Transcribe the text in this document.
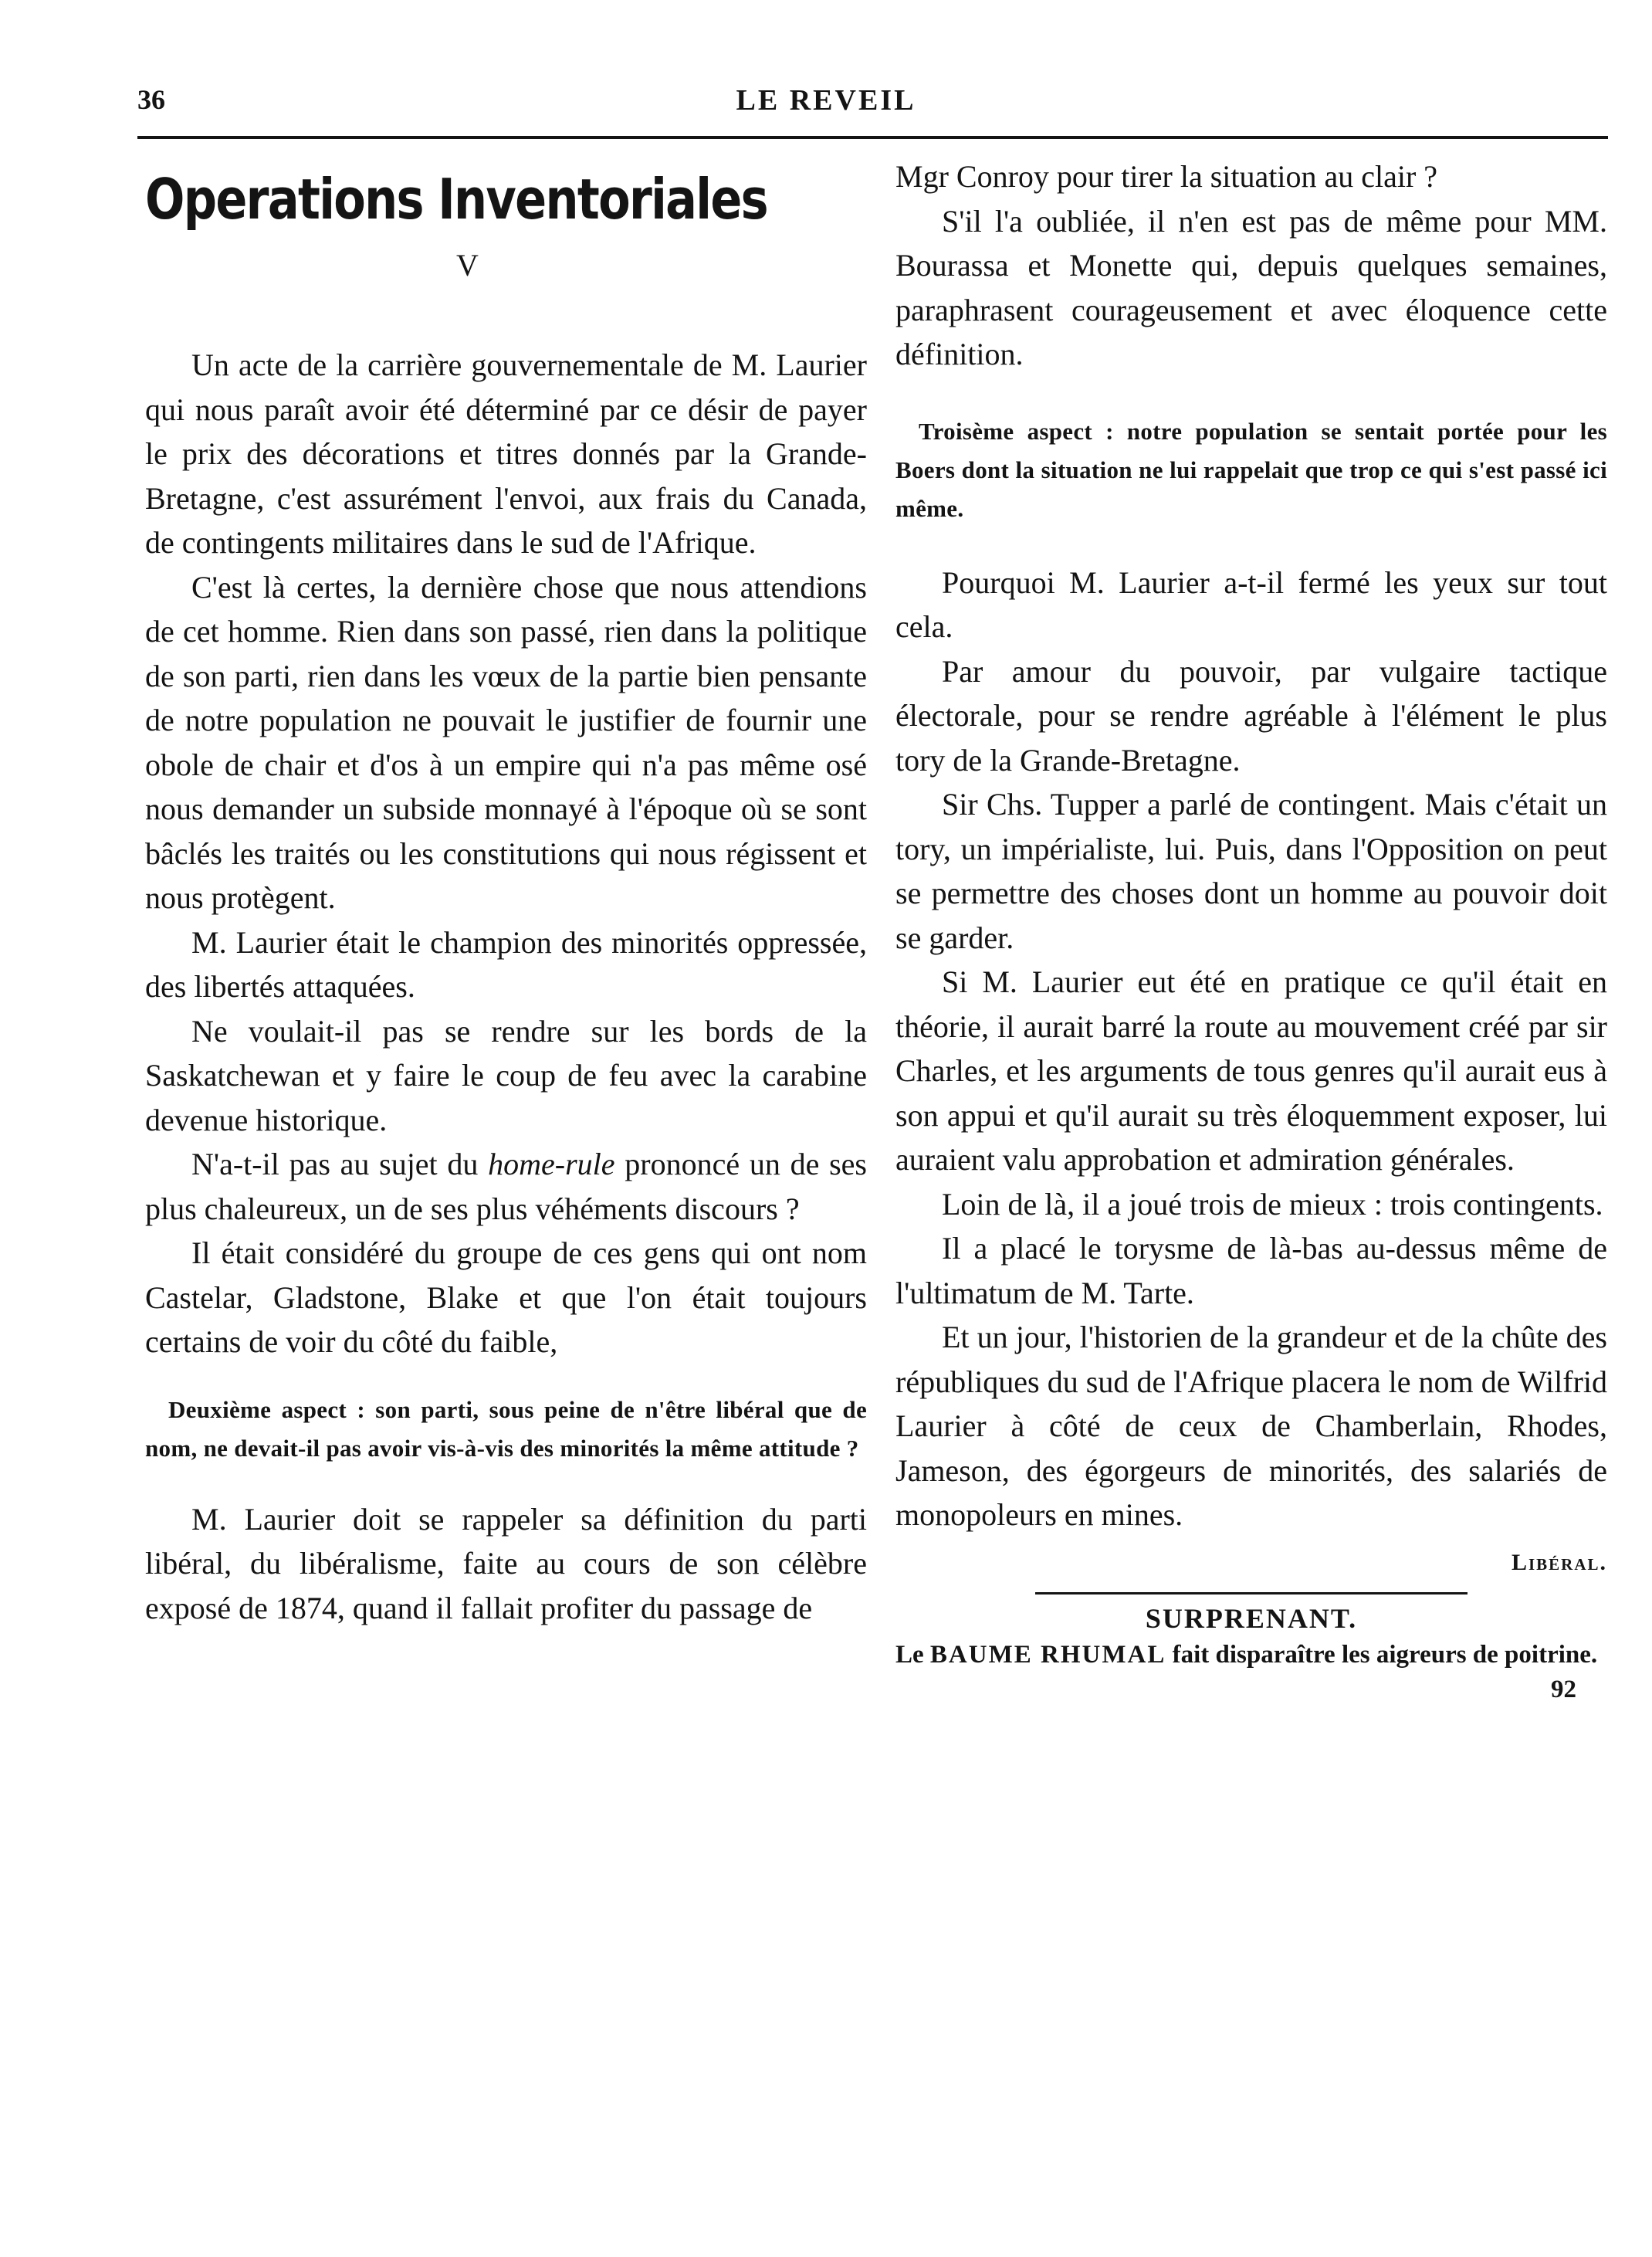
36	LE REVEIL
Operations Inventoriales
V

Un acte de la carrière gouvernementale de M. Laurier qui nous paraît avoir été déterminé par ce désir de payer le prix des décorations et titres donnés par la Grande-Bretagne, c'est assurément l'envoi, aux frais du Canada, de contingents militaires dans le sud de l'Afrique.

C'est là certes, la dernière chose que nous attendions de cet homme. Rien dans son passé, rien dans la politique de son parti, rien dans les vœux de la partie bien pensante de notre population ne pouvait le justifier de fournir une obole de chair et d'os à un empire qui n'a pas même osé nous demander un subside monnayé à l'époque où se sont bâclés les traités ou les constitutions qui nous régissent et nous protègent.

M. Laurier était le champion des minorités oppressée, des libertés attaquées.

Ne voulait-il pas se rendre sur les bords de la Saskatchewan et y faire le coup de feu avec la carabine devenue historique.

N'a-t-il pas au sujet du home-rule prononcé un de ses plus chaleureux, un de ses plus véhéments discours ?

Il était considéré du groupe de ces gens qui ont nom Castelar, Gladstone, Blake et que l'on était toujours certains de voir du côté du faible,

Deuxième aspect : son parti, sous peine de n'être libéral que de nom, ne devait-il pas avoir vis-à-vis des minorités la même attitude ?

M. Laurier doit se rappeler sa définition du parti libéral, du libéralisme, faite au cours de son célèbre exposé de 1874, quand il fallait profiter du passage de

Mgr Conroy pour tirer la situation au clair ?

S'il l'a oubliée, il n'en est pas de même pour MM. Bourassa et Monette qui, depuis quelques semaines, paraphrasent courageusement et avec éloquence cette définition.

Troisème aspect : notre population se sentait portée pour les Boers dont la situation ne lui rappelait que trop ce qui s'est passé ici même.

Pourquoi M. Laurier a-t-il fermé les yeux sur tout cela.

Par amour du pouvoir, par vulgaire tactique électorale, pour se rendre agréable à l'élément le plus tory de la Grande-Bretagne.

Sir Chs. Tupper a parlé de contingent. Mais c'était un tory, un impérialiste, lui. Puis, dans l'Opposition on peut se permettre des choses dont un homme au pouvoir doit se garder.

Si M. Laurier eut été en pratique ce qu'il était en théorie, il aurait barré la route au mouvement créé par sir Charles, et les arguments de tous genres qu'il aurait eus à son appui et qu'il aurait su très éloquemment exposer, lui auraient valu approbation et admiration générales.

Loin de là, il a joué trois de mieux : trois contingents.

Il a placé le torysme de là-bas au-dessus même de l'ultimatum de M. Tarte.

Et un jour, l'historien de la grandeur et de la chûte des républiques du sud de l'Afrique placera le nom de Wilfrid Laurier à côté de ceux de Chamberlain, Rhodes, Jameson, des égorgeurs de minorités, des salariés de monopoleurs en mines.

Libéral.
SURPRENANT.
Le BAUME RHUMAL fait disparaître les aigreurs de poitrine.
92
